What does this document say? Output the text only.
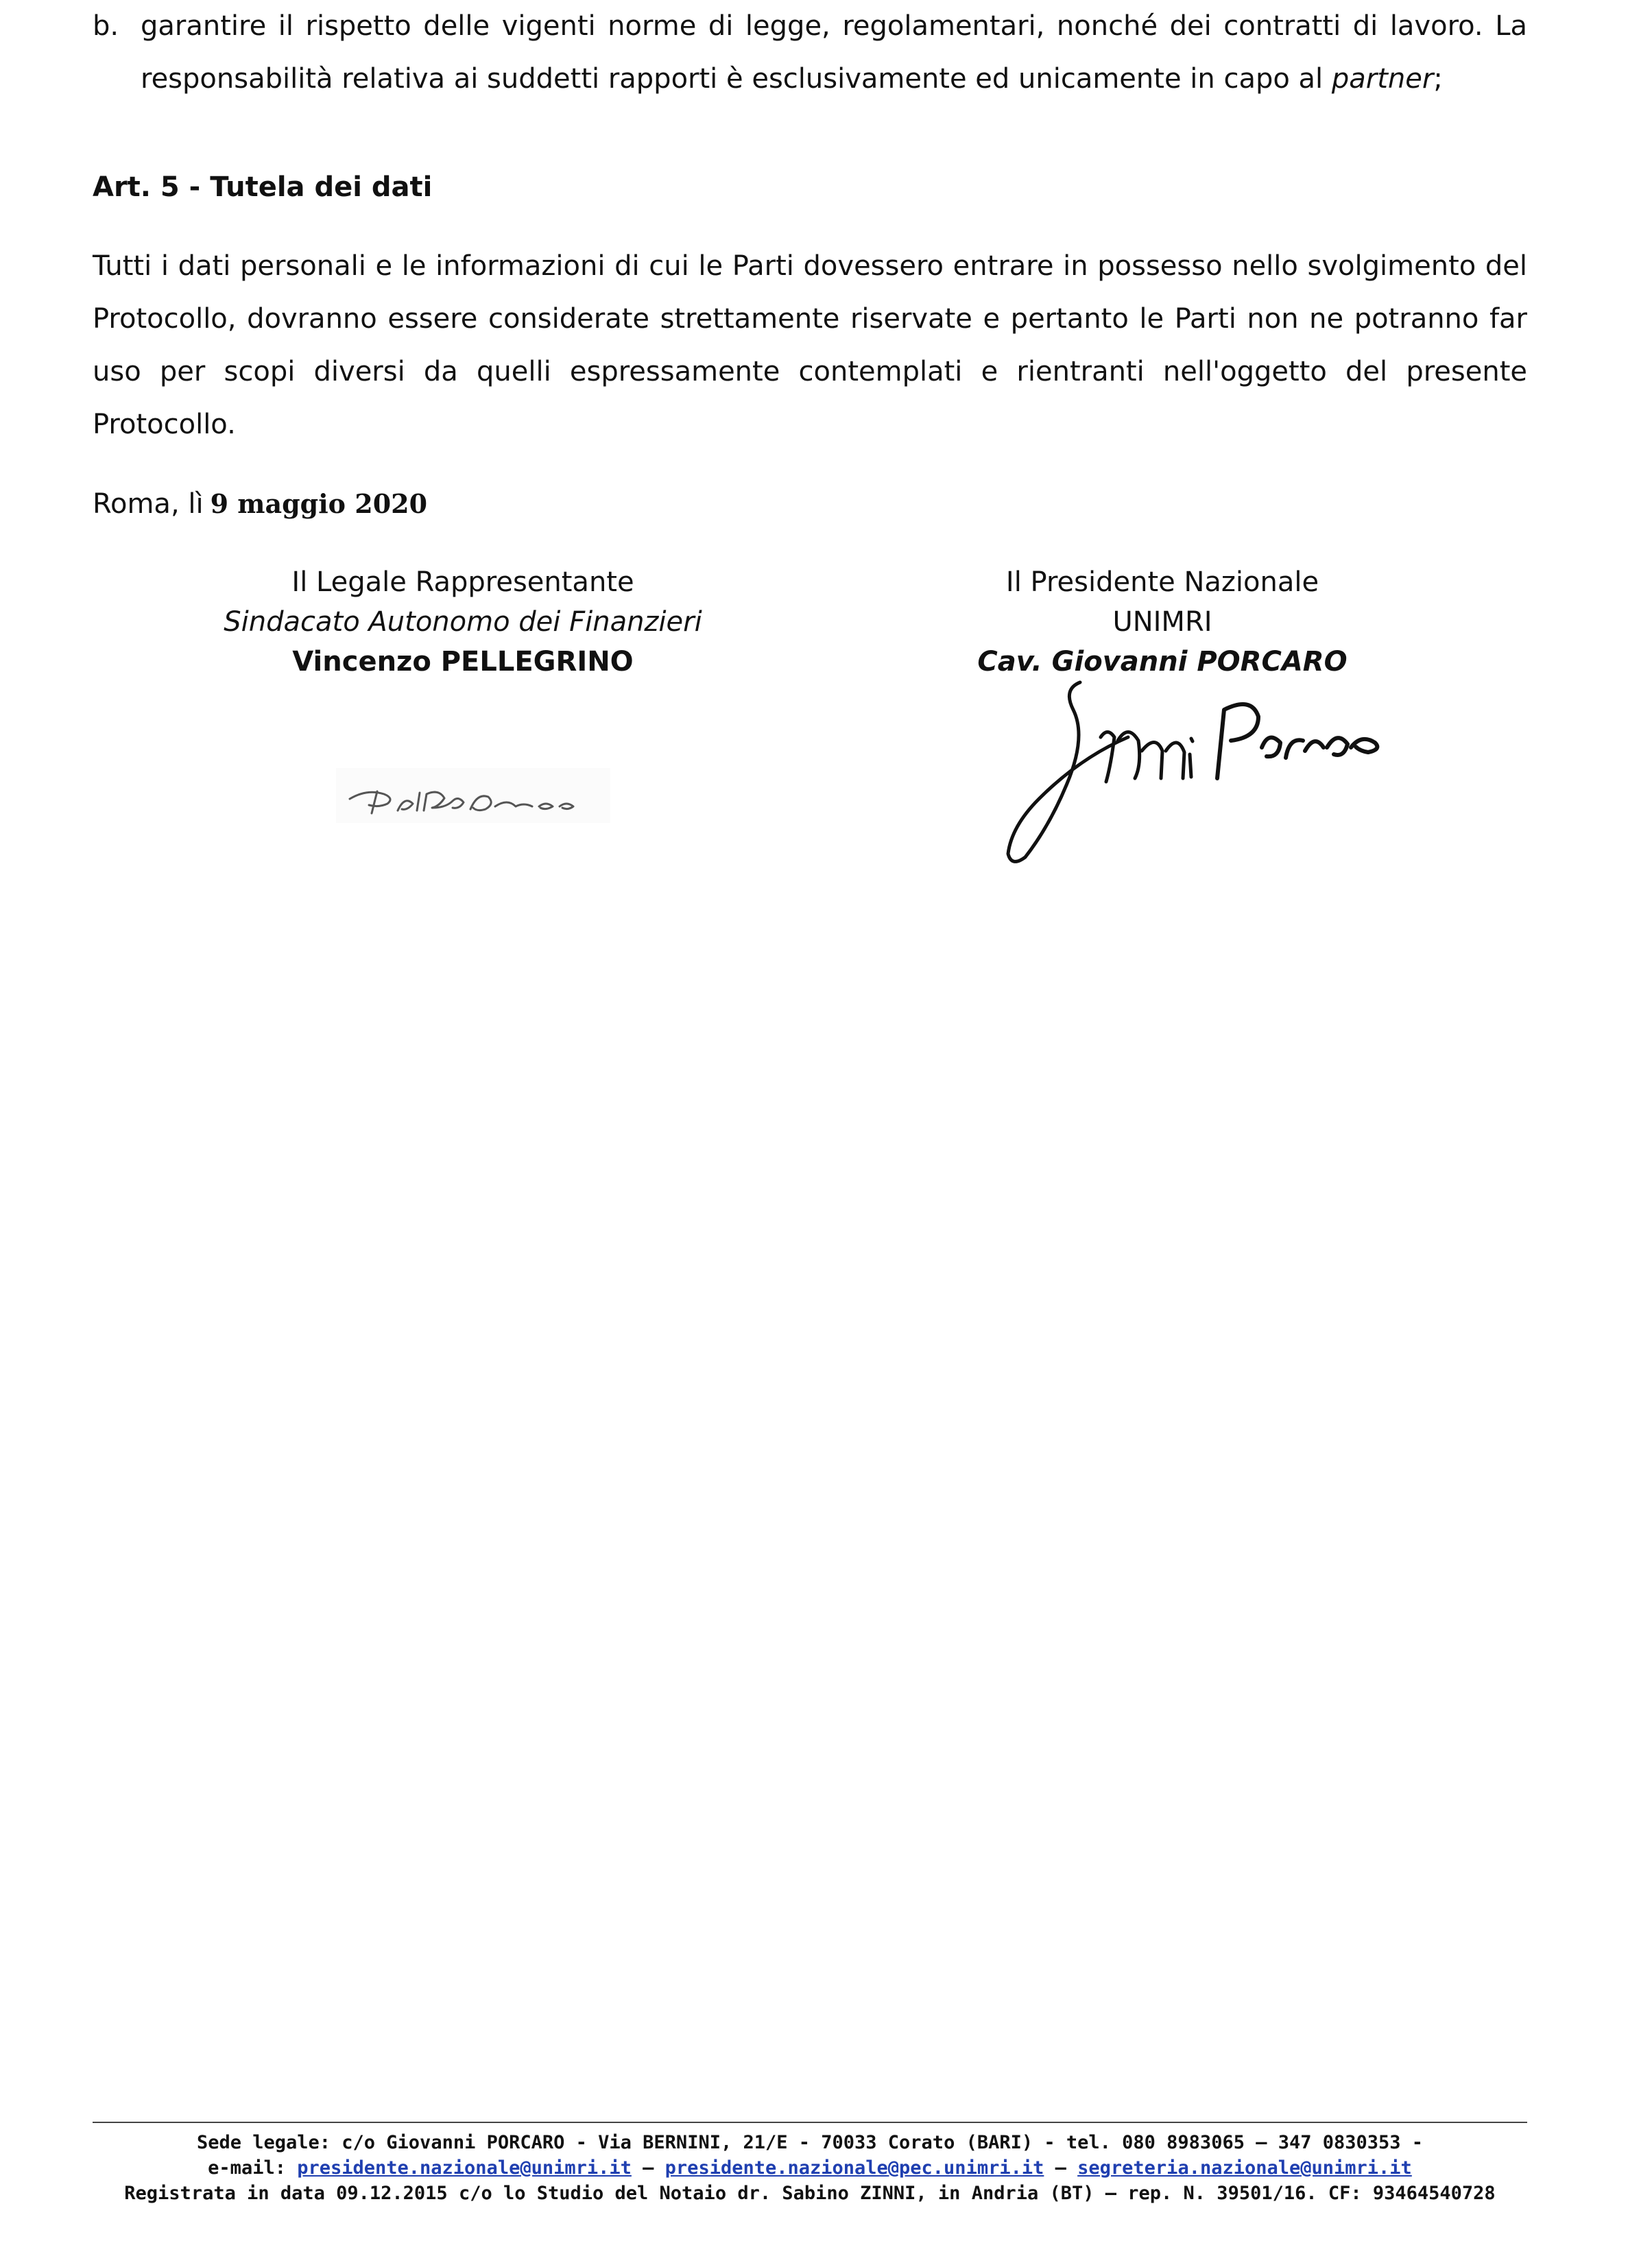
b. garantire il rispetto delle vigenti norme di legge, regolamentari, nonché dei contratti di lavoro. La responsabilità relativa ai suddetti rapporti è esclusivamente ed unicamente in capo al partner;

Art. 5 - Tutela dei dati

Tutti i dati personali e le informazioni di cui le Parti dovessero entrare in possesso nello svolgimento del Protocollo, dovranno essere considerate strettamente riservate e pertanto le Parti non ne potranno far uso per scopi diversi da quelli espressamente contemplati e rientranti nell'oggetto del presente Protocollo.

Roma, lì 9 maggio 2020
Il Legale Rappresentante
Sindacato Autonomo dei Finanzieri
Vincenzo PELLEGRINO
Il Presidente Nazionale
UNIMRI
Cav. Giovanni PORCARO
Sede legale: c/o Giovanni PORCARO - Via BERNINI, 21/E - 70033 Corato (BARI) - tel. 080 8983065 – 347 0830353 -
e-mail: presidente.nazionale@unimri.it – presidente.nazionale@pec.unimri.it – segreteria.nazionale@unimri.it
Registrata in data 09.12.2015 c/o lo Studio del Notaio dr. Sabino ZINNI, in Andria (BT) – rep. N. 39501/16. CF: 93464540728
